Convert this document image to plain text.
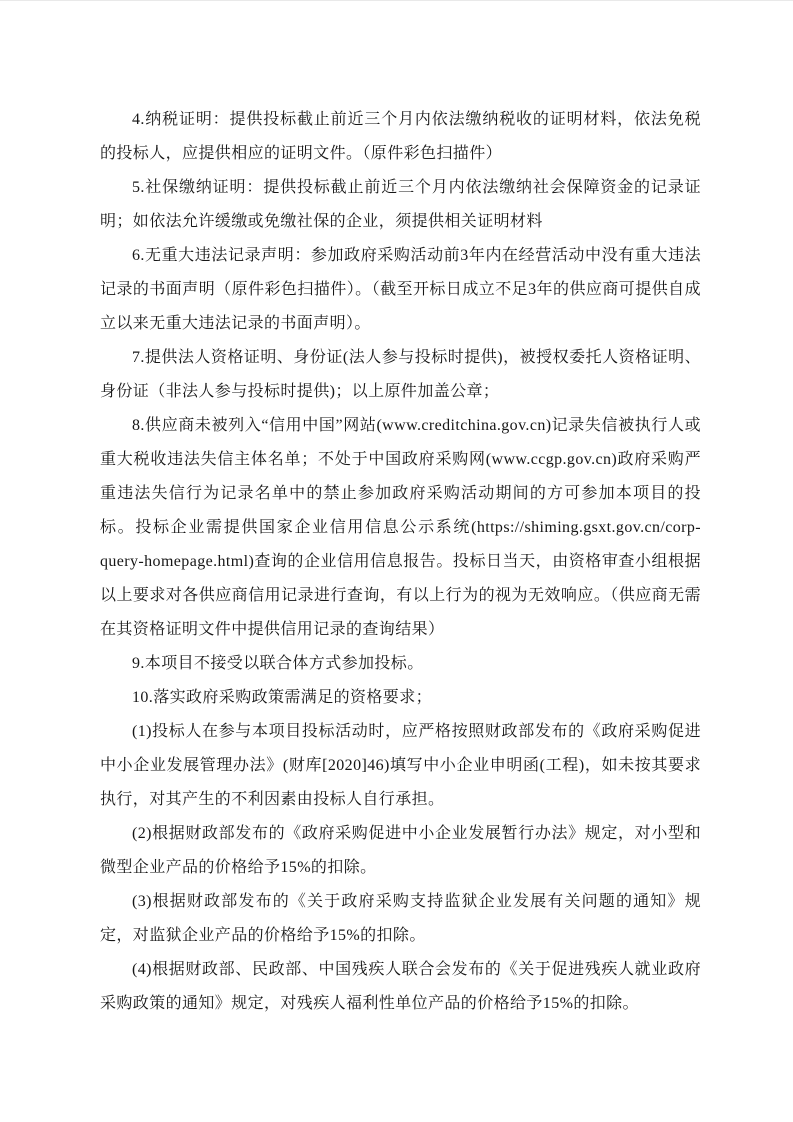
4.纳税证明：提供投标截止前近三个月内依法缴纳税收的证明材料，依法免税的投标人，应提供相应的证明文件。（原件彩色扫描件）

5.社保缴纳证明：提供投标截止前近三个月内依法缴纳社会保障资金的记录证明；如依法允许缓缴或免缴社保的企业，须提供相关证明材料

6.无重大违法记录声明：参加政府采购活动前3年内在经营活动中没有重大违法记录的书面声明（原件彩色扫描件）。（截至开标日成立不足3年的供应商可提供自成立以来无重大违法记录的书面声明）。

7.提供法人资格证明、身份证(法人参与投标时提供)，被授权委托人资格证明、身份证（非法人参与投标时提供)；以上原件加盖公章；

8.供应商未被列入“信用中国”网站(www.creditchina.gov.cn)记录失信被执行人或重大税收违法失信主体名单；不处于中国政府采购网(www.ccgp.gov.cn)政府采购严重违法失信行为记录名单中的禁止参加政府采购活动期间的方可参加本项目的投标。投标企业需提供国家企业信用信息公示系统(https://shiming.gsxt.gov.cn/corp-query-homepage.html)查询的企业信用信息报告。投标日当天，由资格审查小组根据以上要求对各供应商信用记录进行查询，有以上行为的视为无效响应。（供应商无需在其资格证明文件中提供信用记录的查询结果）

9.本项目不接受以联合体方式参加投标。

10.落实政府采购政策需满足的资格要求；

(1)投标人在参与本项目投标活动时，应严格按照财政部发布的《政府采购促进中小企业发展管理办法》(财库[2020]46)填写中小企业申明函(工程)，如未按其要求执行，对其产生的不利因素由投标人自行承担。

(2)根据财政部发布的《政府采购促进中小企业发展暂行办法》规定，对小型和微型企业产品的价格给予15%的扣除。

(3)根据财政部发布的《关于政府采购支持监狱企业发展有关问题的通知》规定，对监狱企业产品的价格给予15%的扣除。

(4)根据财政部、民政部、中国残疾人联合会发布的《关于促进残疾人就业政府采购政策的通知》规定，对残疾人福利性单位产品的价格给予15%的扣除。
